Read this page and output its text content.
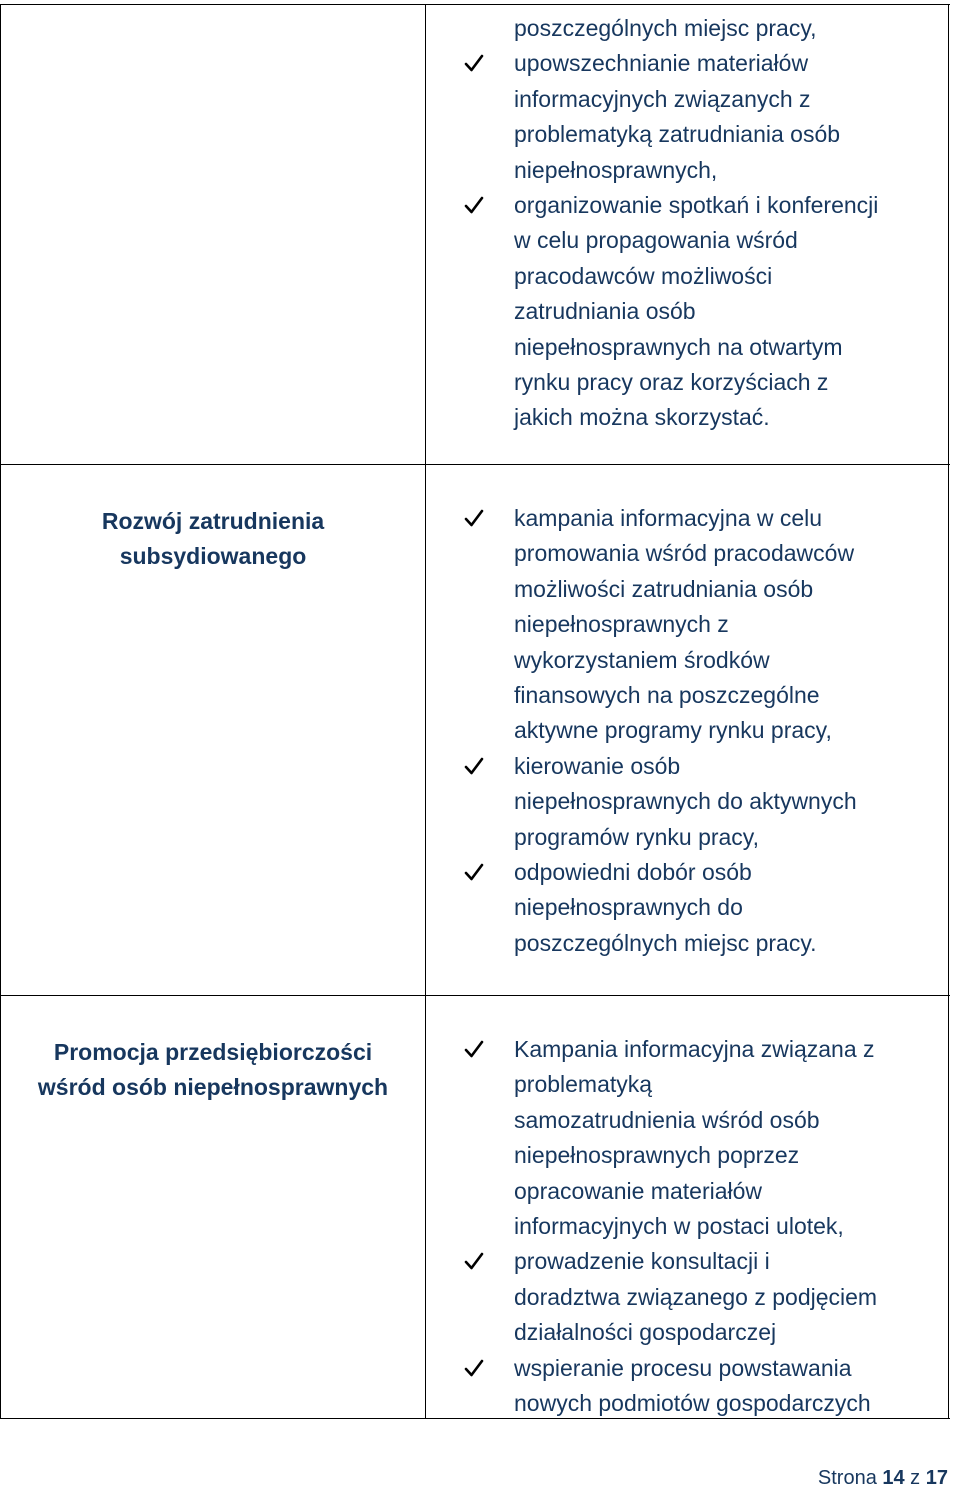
poszczególnych miejsc pracy,
upowszechnianie materiałów
informacyjnych związanych z
problematyką zatrudniania osób
niepełnosprawnych,
organizowanie spotkań i konferencji
w celu propagowania wśród
pracodawców możliwości
zatrudniania osób
niepełnosprawnych na otwartym
rynku pracy oraz korzyściach z
jakich można skorzystać.

Rozwój zatrudnienia
subsydiowanego

kampania informacyjna w celu
promowania wśród pracodawców
możliwości zatrudniania osób
niepełnosprawnych z
wykorzystaniem środków
finansowych na poszczególne
aktywne programy rynku pracy,
kierowanie osób
niepełnosprawnych do aktywnych
programów rynku pracy,
odpowiedni dobór osób
niepełnosprawnych do
poszczególnych miejsc pracy.

Promocja przedsiębiorczości
wśród osób niepełnosprawnych

Kampania informacyjna związana z
problematyką
samozatrudnienia wśród osób
niepełnosprawnych poprzez
opracowanie materiałów
informacyjnych w postaci ulotek,
prowadzenie konsultacji i
doradztwa związanego z podjęciem
działalności gospodarczej
wspieranie procesu powstawania
nowych podmiotów gospodarczych
Strona 14 z 17
